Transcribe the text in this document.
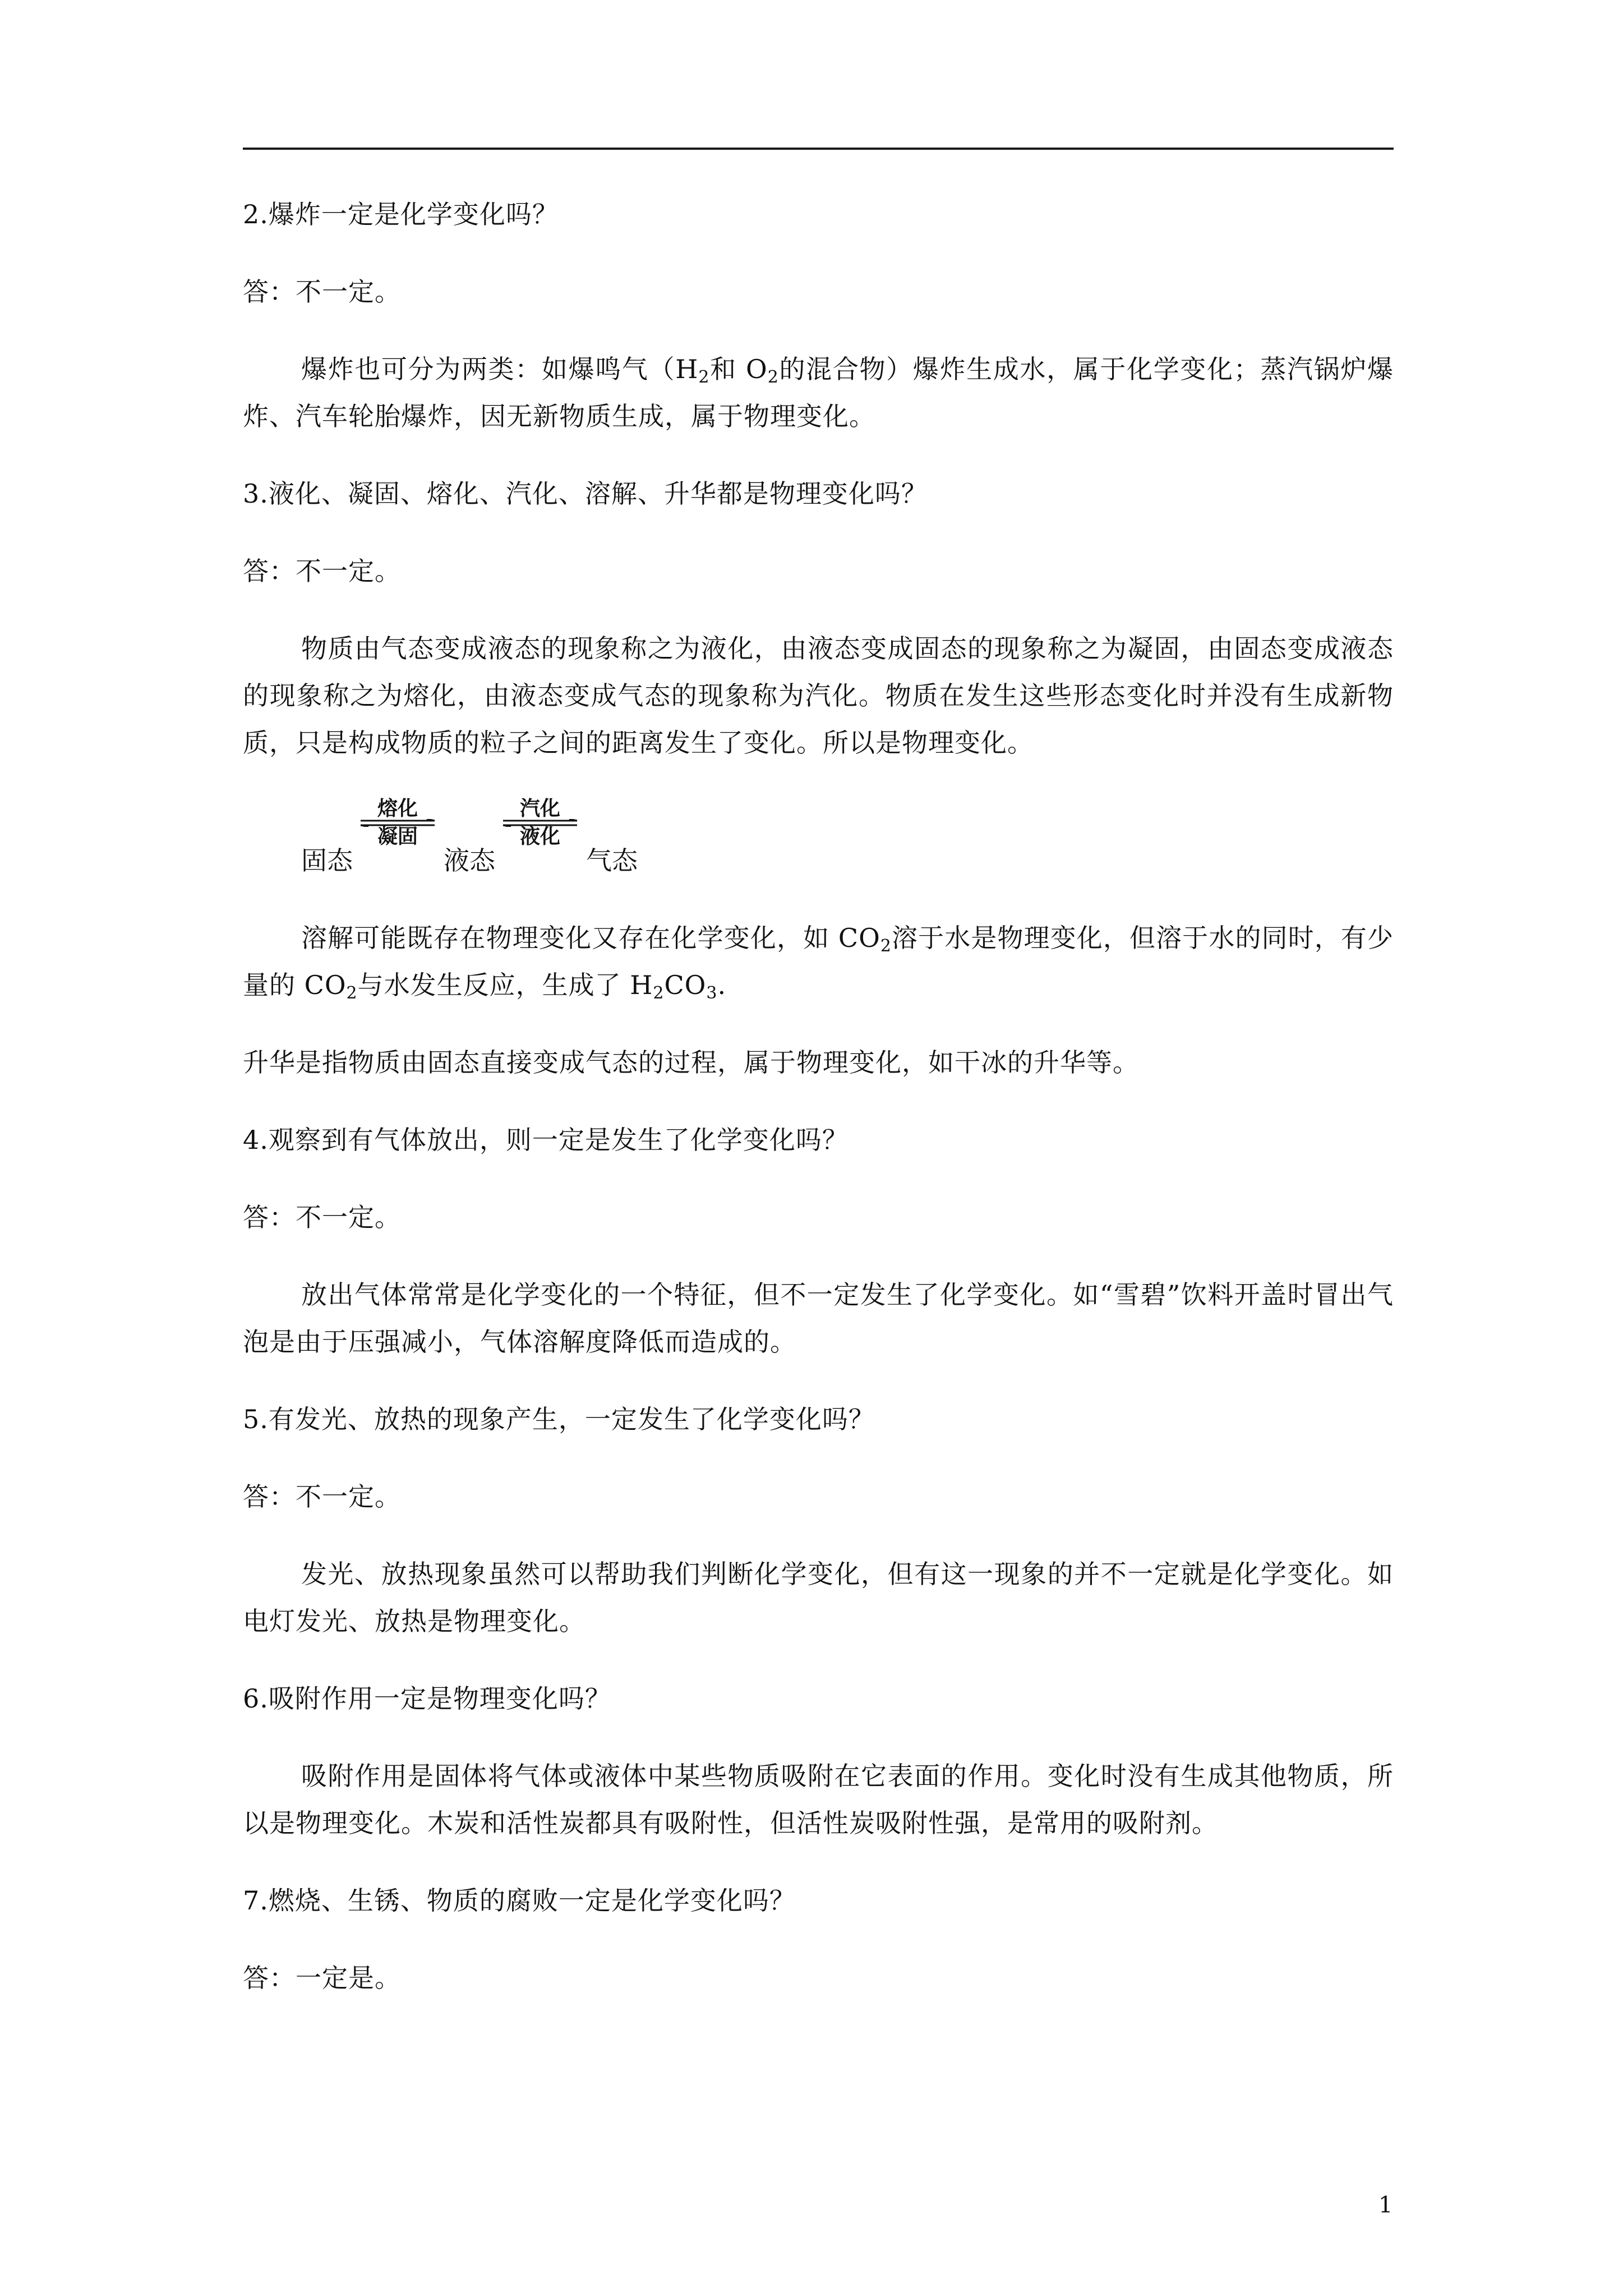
2.爆炸一定是化学变化吗？

答：不一定。

爆炸也可分为两类：如爆鸣气（$H_2$和 $O_2$的混合物）爆炸生成水，属于化学变化；蒸汽锅炉爆炸、汽车轮胎爆炸，因无新物质生成，属于物理变化。

3.液化、凝固、熔化、汽化、溶解、升华都是物理变化吗？

答：不一定。

物质由气态变成液态的现象称之为液化，由液态变成固态的现象称之为凝固，由固态变成液态的现象称之为熔化，由液态变成气态的现象称为汽化。物质在发生这些形态变化时并没有生成新物质，只是构成物质的粒子之间的距离发生了变化。所以是物理变化。

固态
熔化
凝固
液态
汽化
液化
气态

溶解可能既存在物理变化又存在化学变化，如 $CO_2$溶于水是物理变化，但溶于水的同时，有少量的 $CO_2$与水发生反应，生成了 $H_2CO_3$.

升华是指物质由固态直接变成气态的过程，属于物理变化，如干冰的升华等。

4.观察到有气体放出，则一定是发生了化学变化吗？

答：不一定。

放出气体常常是化学变化的一个特征，但不一定发生了化学变化。如“雪碧”饮料开盖时冒出气泡是由于压强减小，气体溶解度降低而造成的。

5.有发光、放热的现象产生，一定发生了化学变化吗？

答：不一定。

发光、放热现象虽然可以帮助我们判断化学变化，但有这一现象的并不一定就是化学变化。如电灯发光、放热是物理变化。

6.吸附作用一定是物理变化吗？

吸附作用是固体将气体或液体中某些物质吸附在它表面的作用。变化时没有生成其他物质，所以是物理变化。木炭和活性炭都具有吸附性，但活性炭吸附性强，是常用的吸附剂。

7.燃烧、生锈、物质的腐败一定是化学变化吗？

答：一定是。

1
